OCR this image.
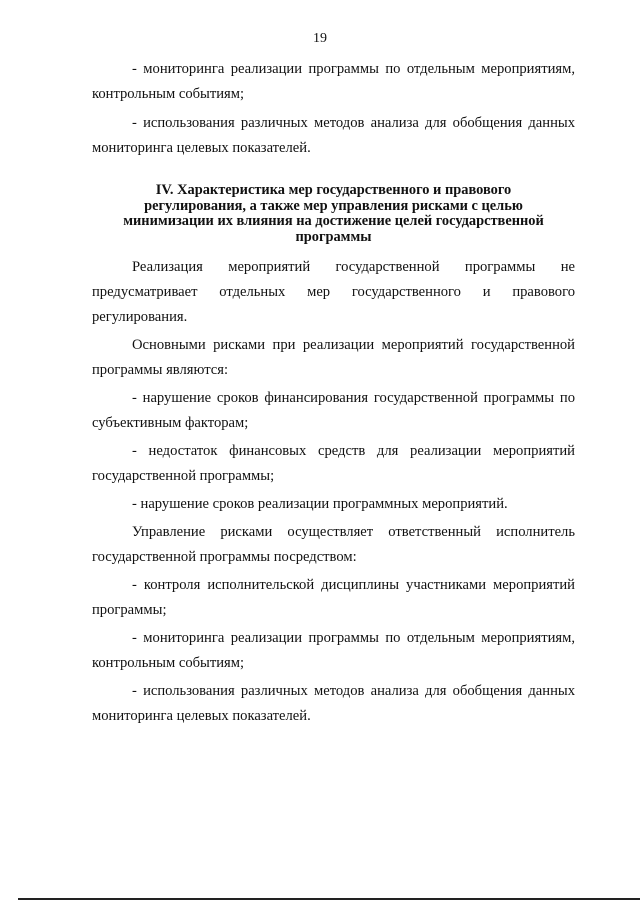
19

- мониторинга реализации программы по отдельным мероприятиям, контрольным событиям;

- использования различных методов анализа для обобщения данных мониторинга целевых показателей.

IV. Характеристика мер государственного и правового регулирования, а также мер управления рисками с целью минимизации их влияния на достижение целей государственной программы

Реализация мероприятий государственной программы не предусматривает отдельных мер государственного и правового регулирования.

Основными рисками при реализации мероприятий государственной программы являются:

- нарушение сроков финансирования государственной программы по субъективным факторам;

- недостаток финансовых средств для реализации мероприятий государственной программы;

- нарушение сроков реализации программных мероприятий.

Управление рисками осуществляет ответственный исполнитель государственной программы посредством:

- контроля исполнительской дисциплины участниками мероприятий программы;

- мониторинга реализации программы по отдельным мероприятиям, контрольным событиям;

- использования различных методов анализа для обобщения данных мониторинга целевых показателей.
